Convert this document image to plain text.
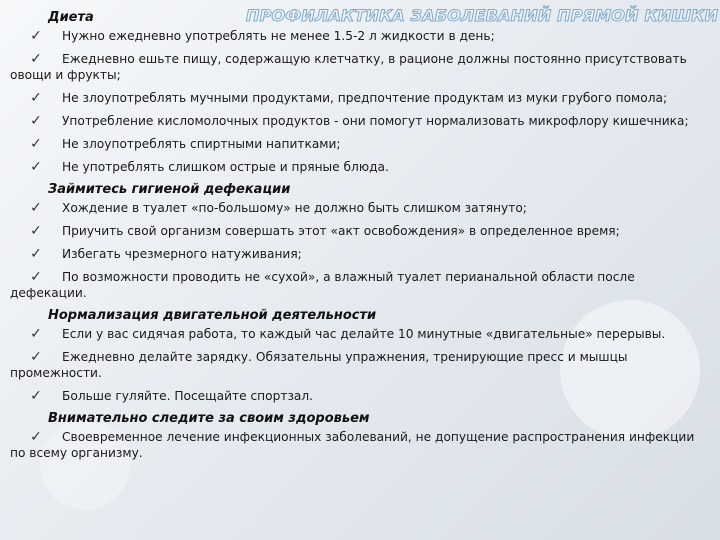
ПРОФИЛАКТИКА ЗАБОЛЕВАНИЙ ПРЯМОЙ КИШКИ
Диета
✓ Нужно ежедневно употреблять не менее 1.5-2 л жидкости в день;
✓ Ежедневно ешьте пищу, содержащую клетчатку, в рационе должны постоянно присутствовать овощи и фрукты;
✓ Не злоупотреблять мучными продуктами, предпочтение продуктам из муки грубого помола;
✓ Употребление кисломолочных продуктов - они помогут нормализовать микрофлору кишечника;
✓ Не злоупотреблять спиртными напитками;
✓ Не употреблять слишком острые и пряные блюда.
Займитесь гигиеной дефекации
✓ Хождение в туалет «по-большому» не должно быть слишком затянуто;
✓ Приучить свой организм совершать этот «акт освобождения» в определенное время;
✓ Избегать чрезмерного натуживания;
✓ По возможности проводить не «сухой», а влажный туалет перианальной области после дефекации.
Нормализация двигательной деятельности
✓ Если у вас сидячая работа, то каждый час делайте 10 минутные «двигательные» перерывы.
✓ Ежедневно делайте зарядку. Обязательны упражнения, тренирующие пресс и мышцы промежности.
✓ Больше гуляйте. Посещайте спортзал.
Внимательно следите за своим здоровьем
✓ Своевременное лечение инфекционных заболеваний, не допущение распространения инфекции по всему организму.
